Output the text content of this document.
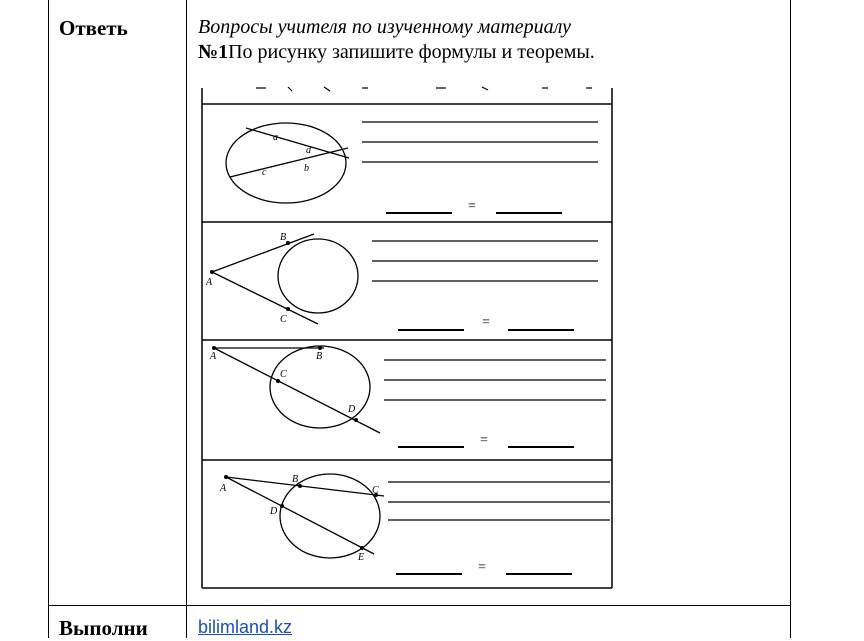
Ответь	Вопросы учителя по изученному материалу
№1По рисунку запишите формулы и теоремы.
a
d
c	b
=
B
A
C	=
A	B
C
D
=
A
B
C
D
E
=
Выполни	bilimland.kz
